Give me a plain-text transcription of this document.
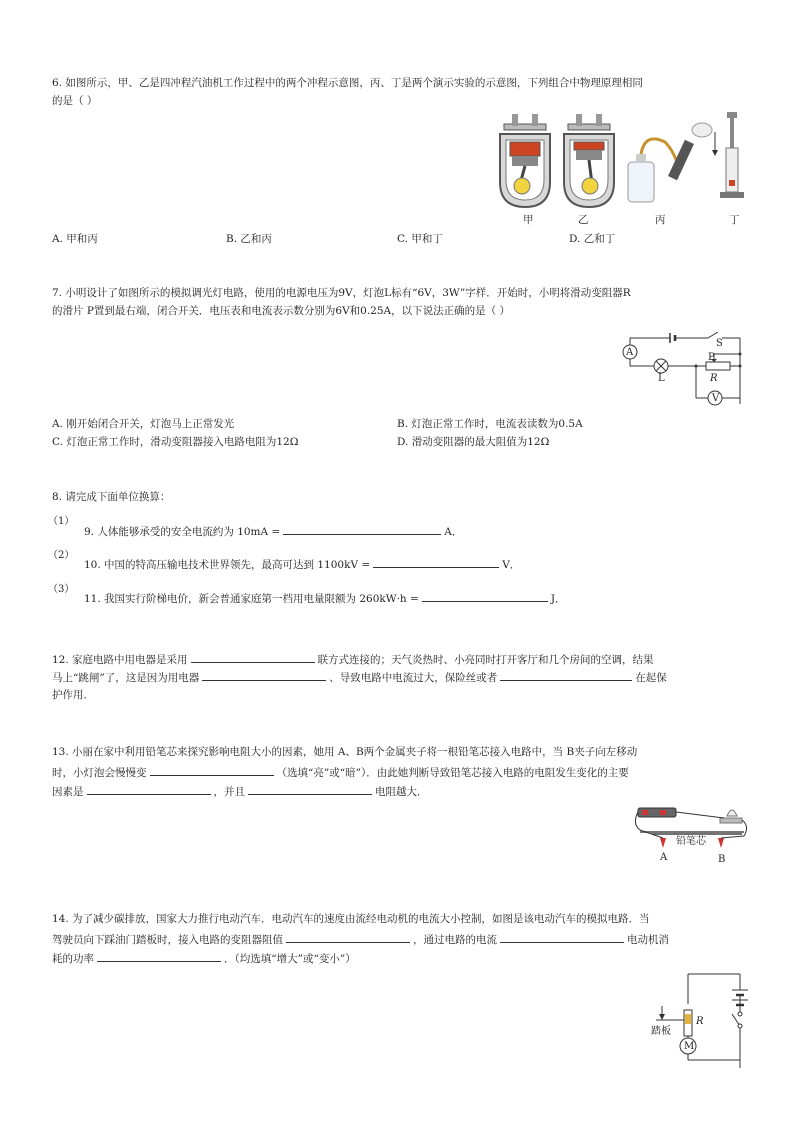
6. 如图所示，甲、乙是四冲程汽油机工作过程中的两个冲程示意图，丙、丁是两个演示实验的示意图，下列组合中物理原理相同
的是（ ）
甲	乙	丙	丁
A. 甲和丙	B. 乙和丙	C. 甲和丁	D. 乙和丁
7. 小明设计了如图所示的模拟调光灯电路，使用的电源电压为9V，灯泡L标有“6V，3W”字样．开始时，小明将滑动变阻器R
的滑片 P置到最右端，闭合开关．电压表和电流表示数分别为6V和0.25A，以下说法正确的是（ ）
A
S
P
L	R
V
A. 刚开始闭合开关，灯泡马上正常发光	B. 灯泡正常工作时，电流表读数为0.5A
C. 灯泡正常工作时，滑动变阻器接入电路电阻为12Ω	D. 滑动变阻器的最大阻值为12Ω
8. 请完成下面单位换算：
（1）
9. 人体能够承受的安全电流约为 10mA =	A．
（2）
10. 中国的特高压输电技术世界领先，最高可达到 1100kV =	V．
（3）
11. 我国实行阶梯电价，新会普通家庭第一档用电量限额为 260kW·h =	J．
12. 家庭电路中用电器是采用	联方式连接的；天气炎热时、小亮同时打开客厅和几个房间的空调，结果
马上“跳闸”了，这是因为用电器	、导致电路中电流过大，保险丝或者	在起保
护作用．
13. 小丽在家中利用铅笔芯来探究影响电阻大小的因素，她用 A、B两个金属夹子将一根铅笔芯接入电路中，当 B夹子向左移动
时，小灯泡会慢慢变	（选填“亮”或“暗”）．由此她判断导致铅笔芯接入电路的电阻发生变化的主要
因素是	，并且	电阻越大．
铅笔芯
A	B
14. 为了减少碳排放，国家大力推行电动汽车．电动汽车的速度由流经电动机的电流大小控制，如图是该电动汽车的模拟电路．当
驾驶员向下踩油门踏板时，接入电路的变阻器阻值	，通过电路的电流	电动机消
耗的功率	．（均选填“增大”或“变小”）
踏板
R
M
